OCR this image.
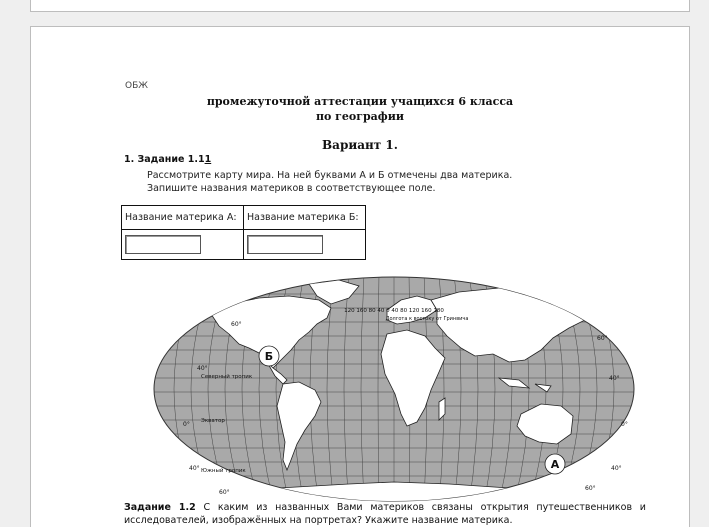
ОБЖ
промежуточной аттестации учащихся 6 класса
по географии
Вариант 1.
1. Задание 1.11
Рассмотрите карту мира. На ней буквами А и Б отмечены два материка.
Запишите названия материков в соответствующее поле.
Название материка А:	Название материка Б:

Б
А
120 160 80 40 0 40 80 120 160 180
Долгота к востоку от Гринвича
60°
40°
0°
40°
60°
60°
40°
0°
40°
60°
Северный тропик
Экватор
Южный тропик
Задание 1.2 С каким из названных Вами материков связаны открытия путешественников и исследователей, изображённых на портретах? Укажите название материка.
